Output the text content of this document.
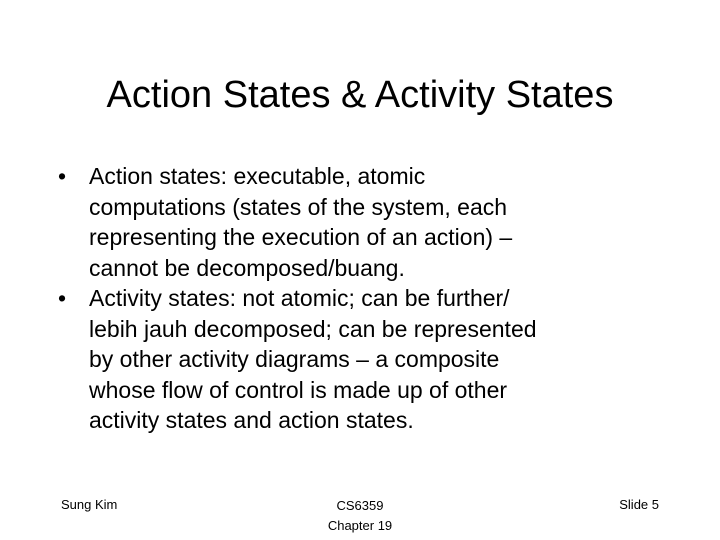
Action States & Activity States
• Action states: executable, atomic
computations (states of the system, each
representing the execution of an action) –
cannot be decomposed/buang.
• Activity states: not atomic; can be further/
lebih jauh decomposed; can be represented
by other activity diagrams – a composite
whose flow of control is made up of other
activity states and action states.
Sung Kim	CS6359
Chapter 19
Slide 5
